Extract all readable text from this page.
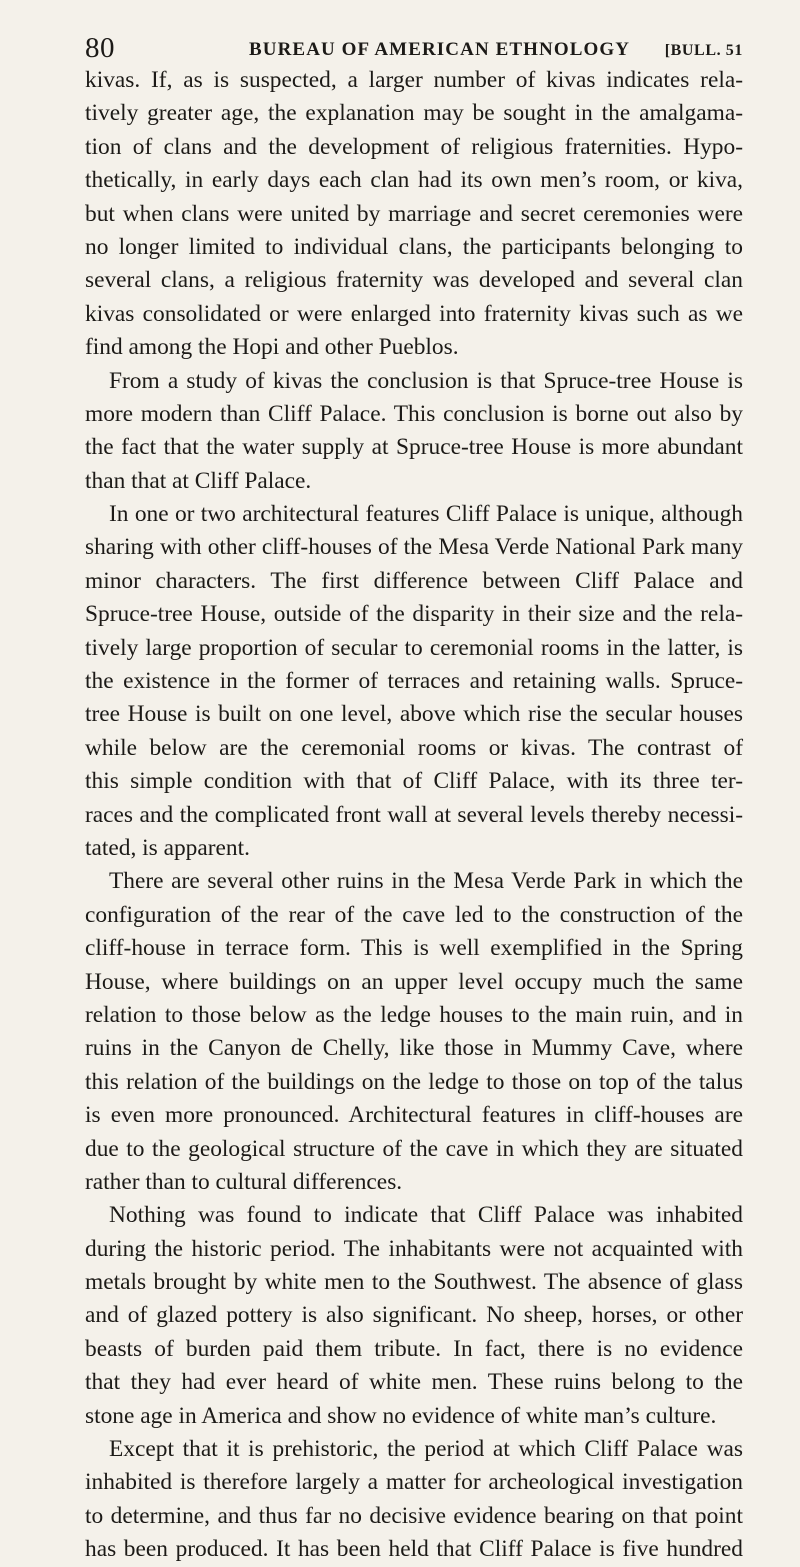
80	BUREAU OF AMERICAN ETHNOLOGY [BULL. 51
kivas. If, as is suspected, a larger number of kivas indicates rela-
tively greater age, the explanation may be sought in the amalgama-
tion of clans and the development of religious fraternities. Hypo-
thetically, in early days each clan had its own men’s room, or kiva,
but when clans were united by marriage and secret ceremonies were
no longer limited to individual clans, the participants belonging to
several clans, a religious fraternity was developed and several clan
kivas consolidated or were enlarged into fraternity kivas such as we
find among the Hopi and other Pueblos.
From a study of kivas the conclusion is that Spruce-tree House is
more modern than Cliff Palace. This conclusion is borne out also by
the fact that the water supply at Spruce-tree House is more abundant
than that at Cliff Palace.
In one or two architectural features Cliff Palace is unique, although
sharing with other cliff-houses of the Mesa Verde National Park many
minor characters. The first difference between Cliff Palace and
Spruce-tree House, outside of the disparity in their size and the rela-
tively large proportion of secular to ceremonial rooms in the latter, is
the existence in the former of terraces and retaining walls. Spruce-
tree House is built on one level, above which rise the secular houses
while below are the ceremonial rooms or kivas. The contrast of
this simple condition with that of Cliff Palace, with its three ter-
races and the complicated front wall at several levels thereby necessi-
tated, is apparent.
There are several other ruins in the Mesa Verde Park in which the
configuration of the rear of the cave led to the construction of the
cliff-house in terrace form. This is well exemplified in the Spring
House, where buildings on an upper level occupy much the same
relation to those below as the ledge houses to the main ruin, and in
ruins in the Canyon de Chelly, like those in Mummy Cave, where
this relation of the buildings on the ledge to those on top of the talus
is even more pronounced. Architectural features in cliff-houses are
due to the geological structure of the cave in which they are situated
rather than to cultural differences.
Nothing was found to indicate that Cliff Palace was inhabited
during the historic period. The inhabitants were not acquainted with
metals brought by white men to the Southwest. The absence of glass
and of glazed pottery is also significant. No sheep, horses, or other
beasts of burden paid them tribute. In fact, there is no evidence
that they had ever heard of white men. These ruins belong to the
stone age in America and show no evidence of white man’s culture.
Except that it is prehistoric, the period at which Cliff Palace was
inhabited is therefore largely a matter for archeological investigation
to determine, and thus far no decisive evidence bearing on that point
has been produced. It has been held that Cliff Palace is five hundred
